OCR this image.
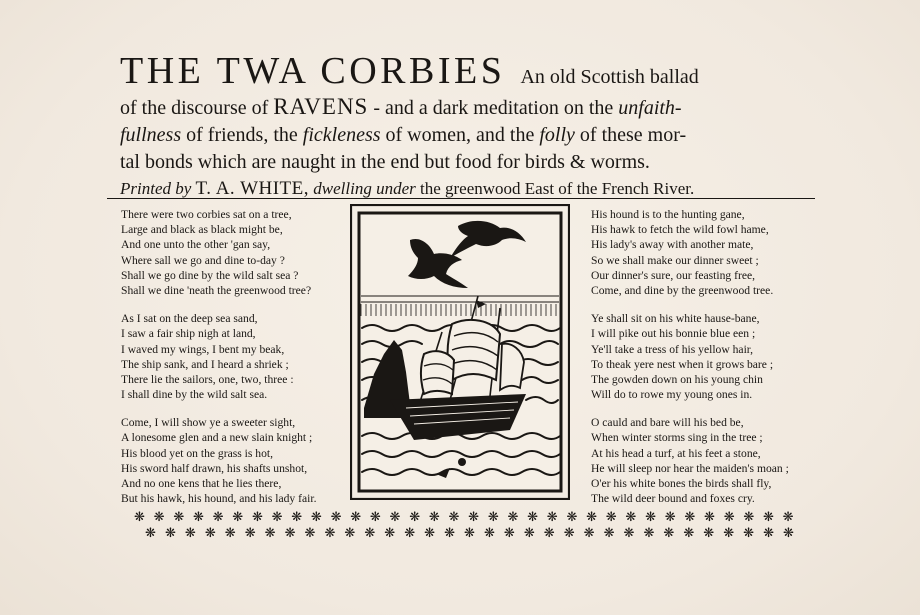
THE TWA CORBIES An old Scottish ballad
of the discourse of RAVENS - and a dark meditation on the unfaith-
fullness of friends, the fickleness of women, and the folly of these mor-
tal bonds which are naught in the end but food for birds & worms.
Printed by T. A. WHITE, dwelling under the greenwood East of the French River.
There were two corbies sat on a tree,
Large and black as black might be,
And one unto the other 'gan say,
Where sall we go and dine to-day ?
Shall we go dine by the wild salt sea ?
Shall we dine 'neath the greenwood tree?
As I sat on the deep sea sand,
I saw a fair ship nigh at land,
I waved my wings, I bent my beak,
The ship sank, and I heard a shriek ;
There lie the sailors, one, two, three :
I shall dine by the wild salt sea.
Come, I will show ye a sweeter sight,
A lonesome glen and a new slain knight ;
His blood yet on the grass is hot,
His sword half drawn, his shafts unshot,
And no one kens that he lies there,
But his hawk, his hound, and his lady fair.
His hound is to the hunting gane,
His hawk to fetch the wild fowl hame,
His lady's away with another mate,
So we shall make our dinner sweet ;
Our dinner's sure, our feasting free,
Come, and dine by the greenwood tree.
Ye shall sit on his white hause-bane,
I will pike out his bonnie blue een ;
Ye'll take a tress of his yellow hair,
To theak yere nest when it grows bare ;
The gowden down on his young chin
Will do to rowe my young ones in.
O cauld and bare will his bed be,
When winter storms sing in the tree ;
At his head a turf, at his feet a stone,
He will sleep nor hear the maiden's moan ;
O'er his white bones the birds shall fly,
The wild deer bound and foxes cry.
❋ ❋ ❋ ❋ ❋ ❋ ❋ ❋ ❋ ❋ ❋ ❋ ❋ ❋ ❋ ❋ ❋ ❋ ❋ ❋ ❋ ❋ ❋ ❋ ❋ ❋ ❋ ❋ ❋ ❋ ❋ ❋ ❋ ❋
❋ ❋ ❋ ❋ ❋ ❋ ❋ ❋ ❋ ❋ ❋ ❋ ❋ ❋ ❋ ❋ ❋ ❋ ❋ ❋ ❋ ❋ ❋ ❋ ❋ ❋ ❋ ❋ ❋ ❋ ❋ ❋ ❋
